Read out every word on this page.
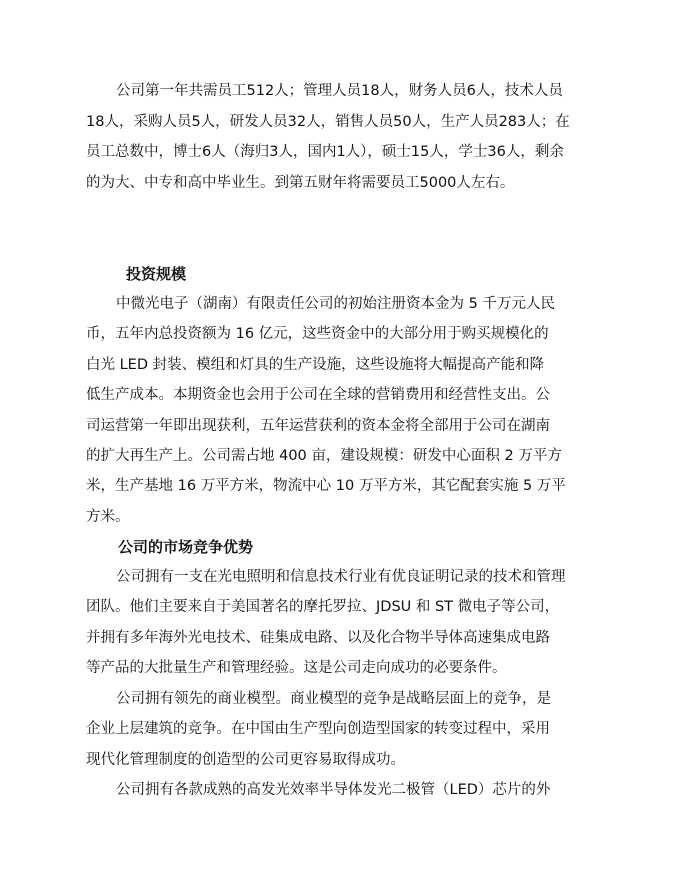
公司第一年共需员工512人；管理人员18人，财务人员6人，技术人员
18人，采购人员5人，研发人员32人，销售人员50人，生产人员283人；在
员工总数中，博士6人（海归3人，国内1人），硕士15人，学士36人，剩余
的为大、中专和高中毕业生。到第五财年将需要员工5000人左右。

投资规模

中微光电子（湖南）有限责任公司的初始注册资本金为 5 千万元人民
币，五年内总投资额为 16 亿元，这些资金中的大部分用于购买规模化的
白光 LED 封装、模组和灯具的生产设施，这些设施将大幅提高产能和降
低生产成本。本期资金也会用于公司在全球的营销费用和经营性支出。公
司运营第一年即出现获利，五年运营获利的资本金将全部用于公司在湖南
的扩大再生产上。公司需占地 400 亩，建设规模：研发中心面积 2 万平方
米，生产基地 16 万平方米，物流中心 10 万平方米，其它配套实施 5 万平
方米。

公司的市场竞争优势

公司拥有一支在光电照明和信息技术行业有优良证明记录的技术和管理
团队。他们主要来自于美国著名的摩托罗拉、JDSU 和 ST 微电子等公司，
并拥有多年海外光电技术、硅集成电路、以及化合物半导体高速集成电路
等产品的大批量生产和管理经验。这是公司走向成功的必要条件。

公司拥有领先的商业模型。商业模型的竞争是战略层面上的竞争，是
企业上层建筑的竞争。在中国由生产型向创造型国家的转变过程中，采用
现代化管理制度的创造型的公司更容易取得成功。

公司拥有各款成熟的高发光效率半导体发光二极管（LED）芯片的外
